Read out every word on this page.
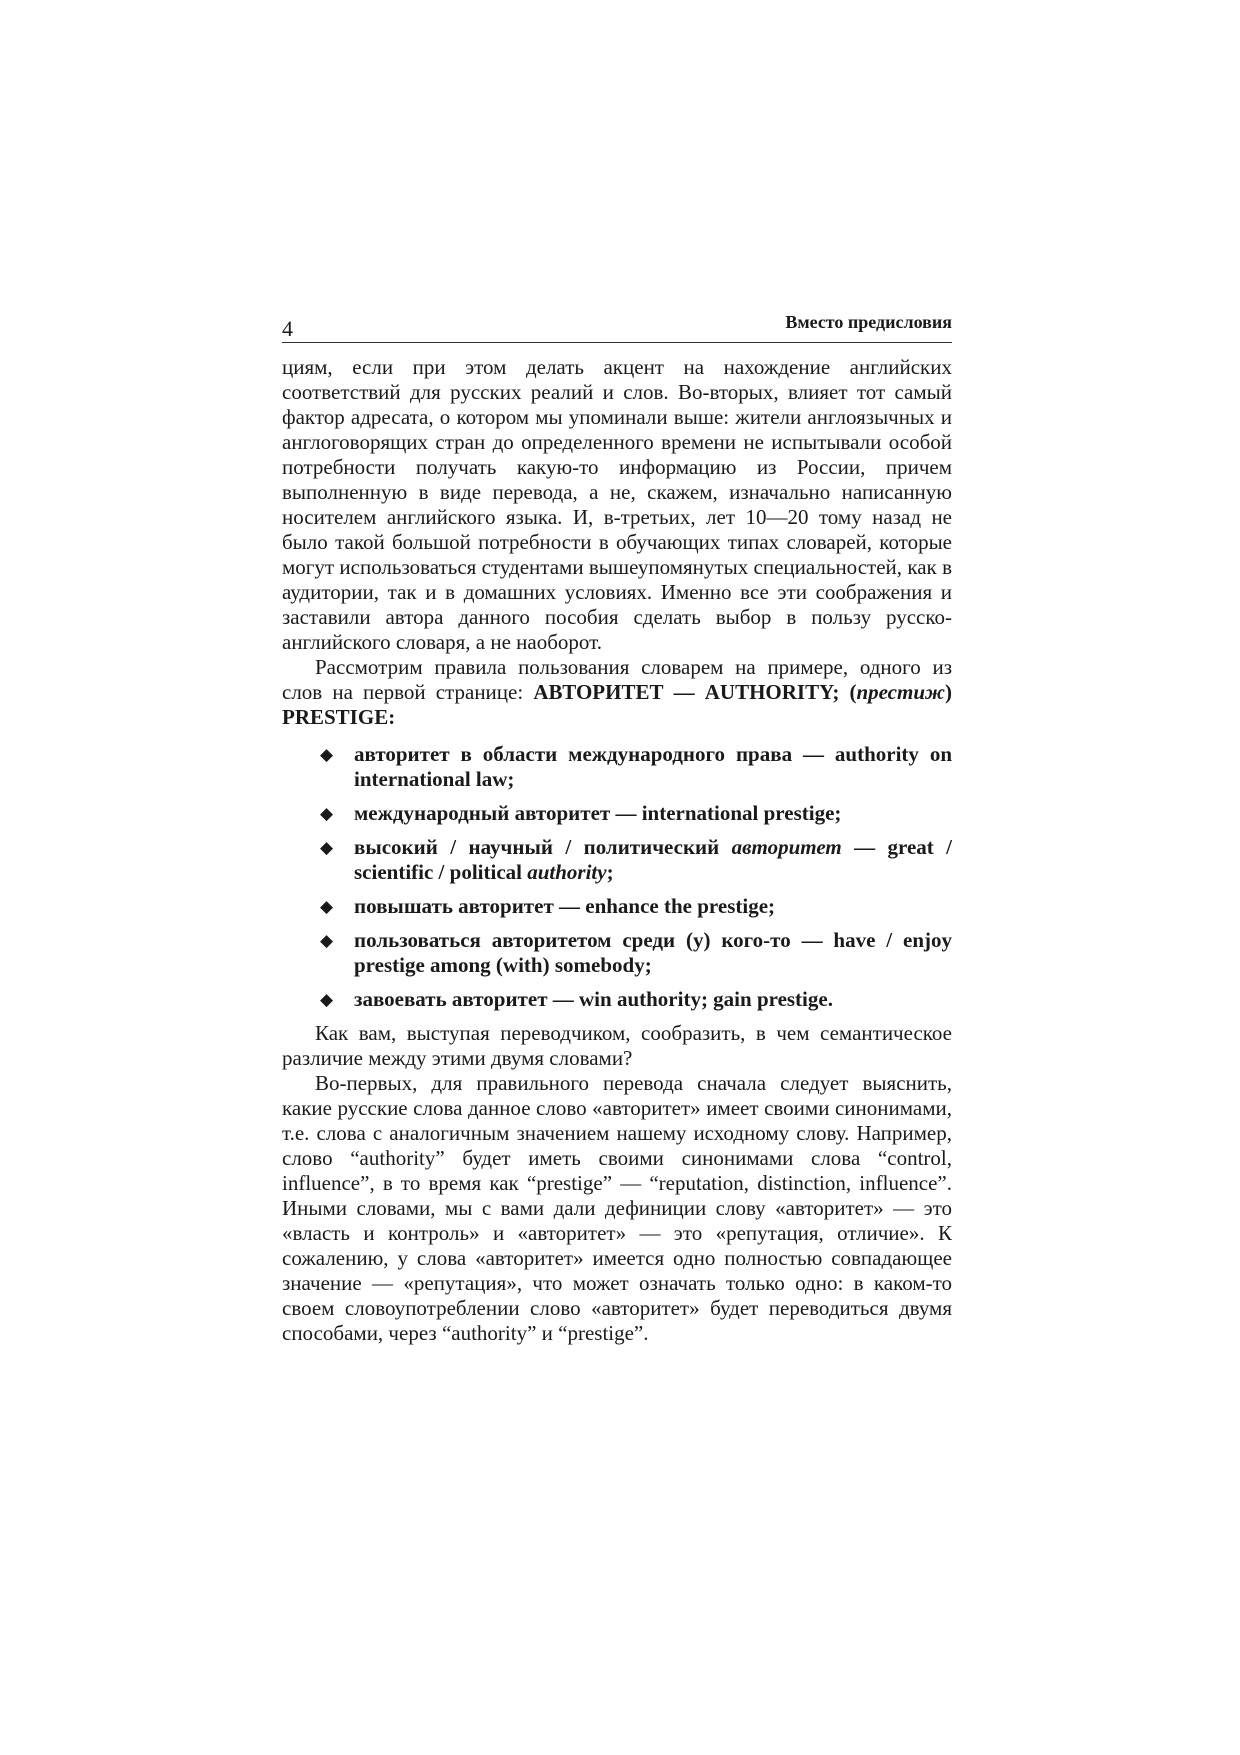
4	Вместо предисловия

циям, если при этом делать акцент на нахождение английских соответствий для русских реалий и слов. Во-вторых, влияет тот самый фактор адресата, о котором мы упоминали выше: жители англоязычных и англоговорящих стран до определенного времени не испытывали особой потребности получать какую-то информацию из России, причем выполненную в виде перевода, а не, скажем, изначально написанную носителем английского языка. И, в-третьих, лет 10—20 тому назад не было такой большой потребности в обучающих типах словарей, которые могут использоваться студентами вышеупомянутых специальностей, как в аудитории, так и в домашних условиях. Именно все эти соображения и заставили автора данного пособия сделать выбор в пользу русско-английского словаря, а не наоборот.

Рассмотрим правила пользования словарем на примере, одного из слов на первой странице: АВТОРИТЕТ — AUTHORITY; (престиж) PRESTIGE:

◆ авторитет в области международного права — authority on international law;
◆ международный авторитет — international prestige;
◆ высокий / научный / политический авторитет — great / scientific / political authority;
◆ повышать авторитет — enhance the prestige;
◆ пользоваться авторитетом среди (у) кого-то — have / enjoy prestige among (with) somebody;
◆ завоевать авторитет — win authority; gain prestige.

Как вам, выступая переводчиком, сообразить, в чем семантическое различие между этими двумя словами?

Во-первых, для правильного перевода сначала следует выяснить, какие русские слова данное слово «авторитет» имеет своими синонимами, т.е. слова с аналогичным значением нашему исходному слову. Например, слово “authority” будет иметь своими синонимами слова “control, influence”, в то время как “prestige” — “reputation, distinction, influence”. Иными словами, мы с вами дали дефиниции слову «авторитет» — это «власть и контроль» и «авторитет» — это «репутация, отличие». К сожалению, у слова «авторитет» имеется одно полностью совпадающее значение — «репутация», что может означать только одно: в каком-то своем словоупотреблении слово «авторитет» будет переводиться двумя способами, через “authority” и “prestige”.
